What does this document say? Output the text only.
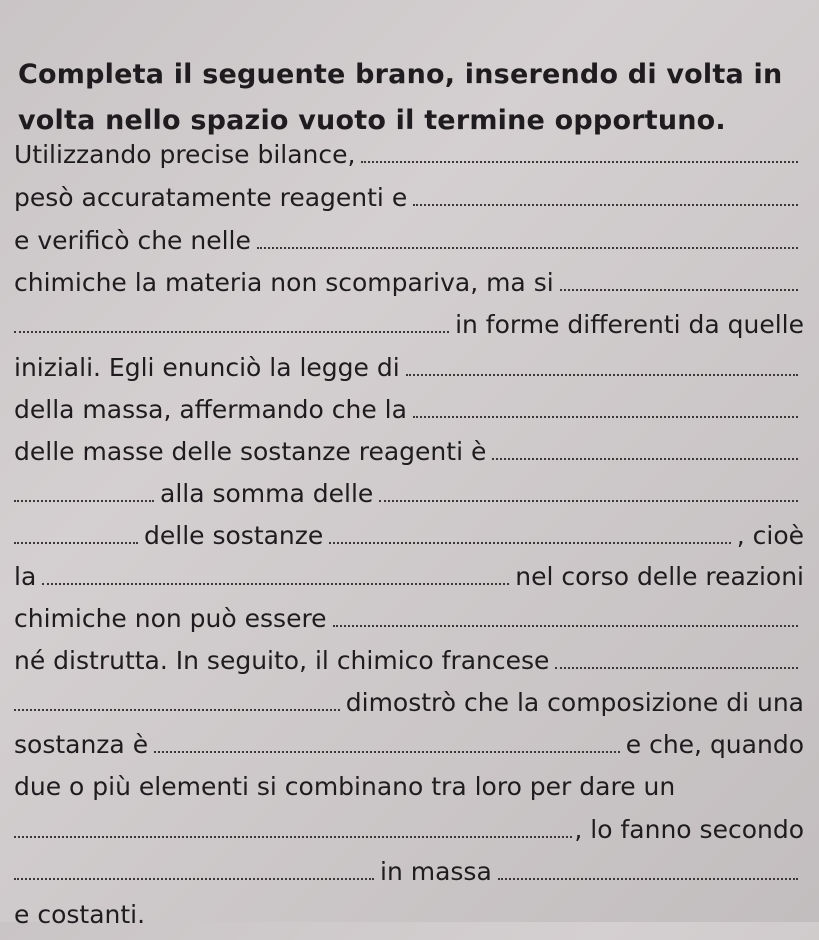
Completa il seguente brano, inserendo di volta in
volta nello spazio vuoto il termine opportuno.
Utilizzando precise bilance,
pesò accuratamente reagenti e
e verificò che nelle
chimiche la materia non scompariva, ma si
in forme differenti da quelle
iniziali. Egli enunciò la legge di
della massa, affermando che la
delle masse delle sostanze reagenti è
alla somma delle
delle sostanze	, cioè
la	nel corso delle reazioni
chimiche non può essere
né distrutta. In seguito, il chimico francese
dimostrò che la composizione di una
sostanza è	e che, quando
due o più elementi si combinano tra loro per dare un
, lo fanno secondo
in massa
e costanti.
